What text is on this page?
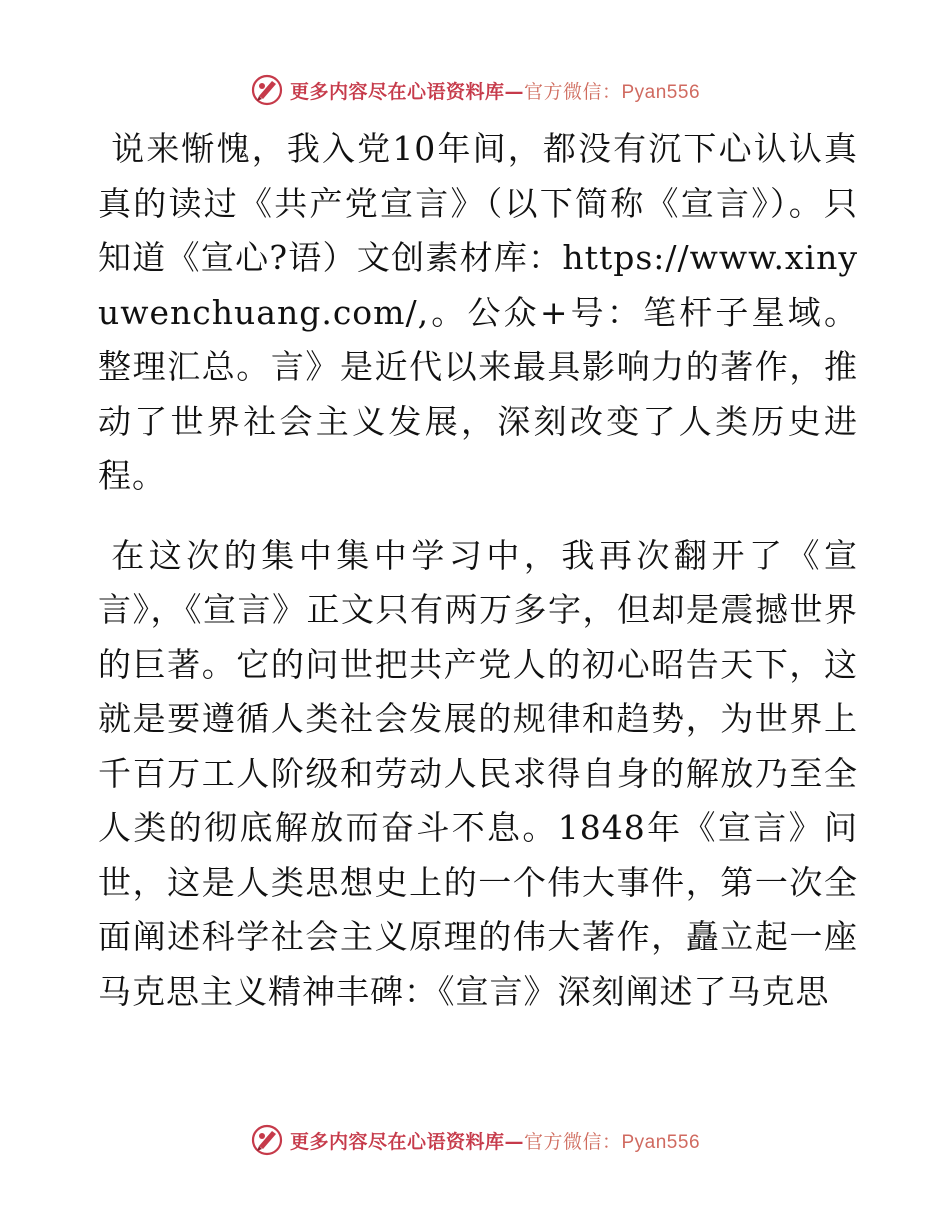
更多内容尽在心语资料库—官方微信：Pyan556

说来惭愧，我入党10年间，都没有沉下心认认真真的读过《共产党宣言》（以下简称《宣言》）。只知道《宣心?语）文创素材库：https://www.xinyuwenchuang.com/,。公众+号：笔杆子星域。整理汇总。言》是近代以来最具影响力的著作，推动了世界社会主义发展，深刻改变了人类历史进程。

在这次的集中集中学习中，我再次翻开了《宣言》，《宣言》正文只有两万多字，但却是震撼世界的巨著。它的问世把共产党人的初心昭告天下，这就是要遵循人类社会发展的规律和趋势，为世界上千百万工人阶级和劳动人民求得自身的解放乃至全人类的彻底解放而奋斗不息。1848年《宣言》问世，这是人类思想史上的一个伟大事件，第一次全面阐述科学社会主义原理的伟大著作，矗立起一座马克思主义精神丰碑：《宣言》深刻阐述了马克思

更多内容尽在心语资料库—官方微信：Pyan556
